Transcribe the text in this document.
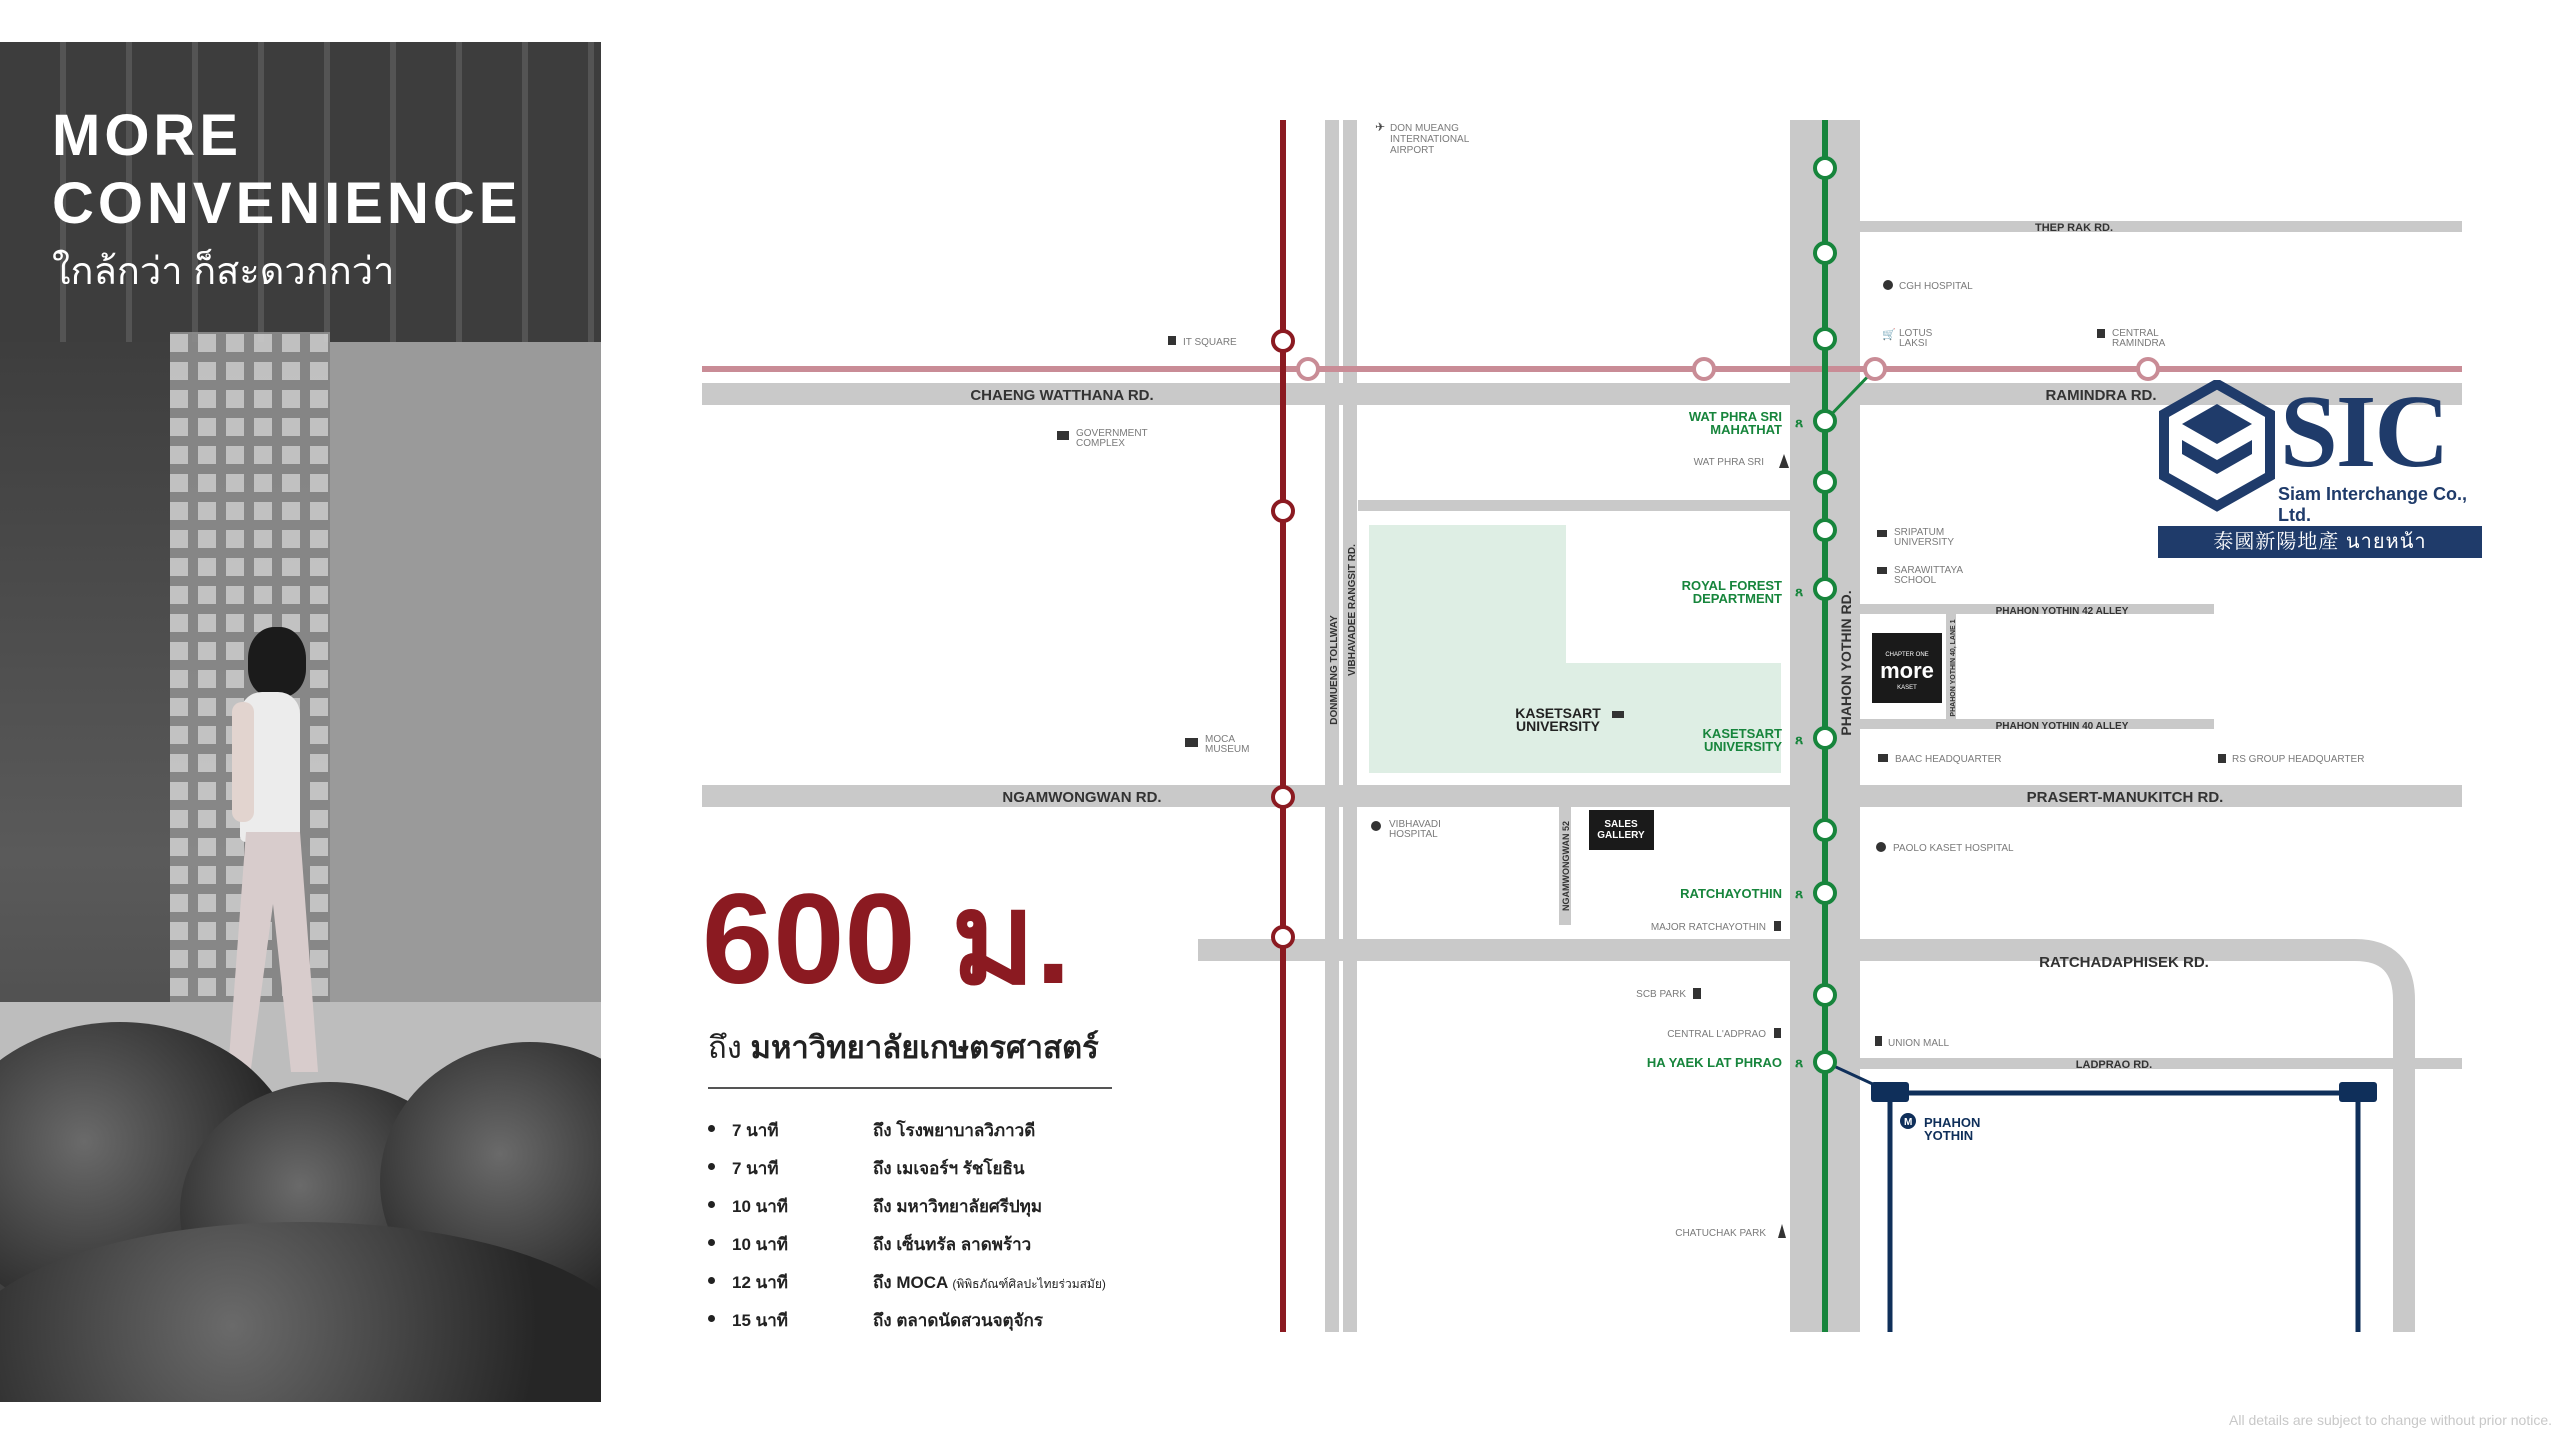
MORE
CONVENIENCE
ใกล้กว่า ก็สะดวกกว่า
THEP RAK RD.
CHAENG WATTHANA RD.	RAMINDRA RD.
NGAMWONGWAN RD.	PRASERT-MANUKITCH RD.
RATCHADAPHISEK RD.
LADPRAO RD.
PHAHON YOTHIN 42 ALLEY
PHAHON YOTHIN 40 ALLEY
DONMUENG TOLLWAY VIBHAVADEE RANGSIT RD.	PHAHON YOTHIN RD.
NGAMWONGWAN 52
PHAHON YOTHIN 40, LANE 1
WAT PHRA SRI MAHATHAT
ROYAL FOREST DEPARTMENT
KASETSART UNIVERSITY
RATCHAYOTHIN
HA YAEK LAT PHRAO
ጸ
ጸ
ጸ
ጸ
ጸ
M PHAHON YOTHIN
✈ DON MUEANG INTERNATIONAL AIRPORT
IT SQUARE
CGH HOSPITAL
🛒 LOTUS LAKSI
CENTRAL RAMINDRA
GOVERNMENT COMPLEX
WAT PHRA SRI
SRIPATUM UNIVERSITY
SARAWITTAYA SCHOOL
BAAC HEADQUARTER	RS GROUP HEADQUARTER
MOCA MUSEUM
VIBHAVADI HOSPITAL
PAOLO KASET HOSPITAL
MAJOR RATCHAYOTHIN
SCB PARK
CENTRAL L'ADPRAO
UNION MALL
CHATUCHAK PARK
KASETSART UNIVERSITY
SALES GALLERY
CHAPTER ONE
more
KASET
SIC
Siam Interchange Co., Ltd.
泰國新陽地產 นายหน้าอสังหาริมทรัพย์
600 ม.
ถึง มหาวิทยาลัยเกษตรศาสตร์
7 นาที	ถึง โรงพยาบาลวิภาวดี
7 นาที	ถึง เมเจอร์ฯ รัชโยธิน
10 นาที	ถึง มหาวิทยาลัยศรีปทุม
10 นาที	ถึง เซ็นทรัล ลาดพร้าว
12 นาที	ถึง MOCA (พิพิธภัณฑ์ศิลปะไทยร่วมสมัย)
15 นาที	ถึง ตลาดนัดสวนจตุจักร
All details are subject to change without prior notice.
